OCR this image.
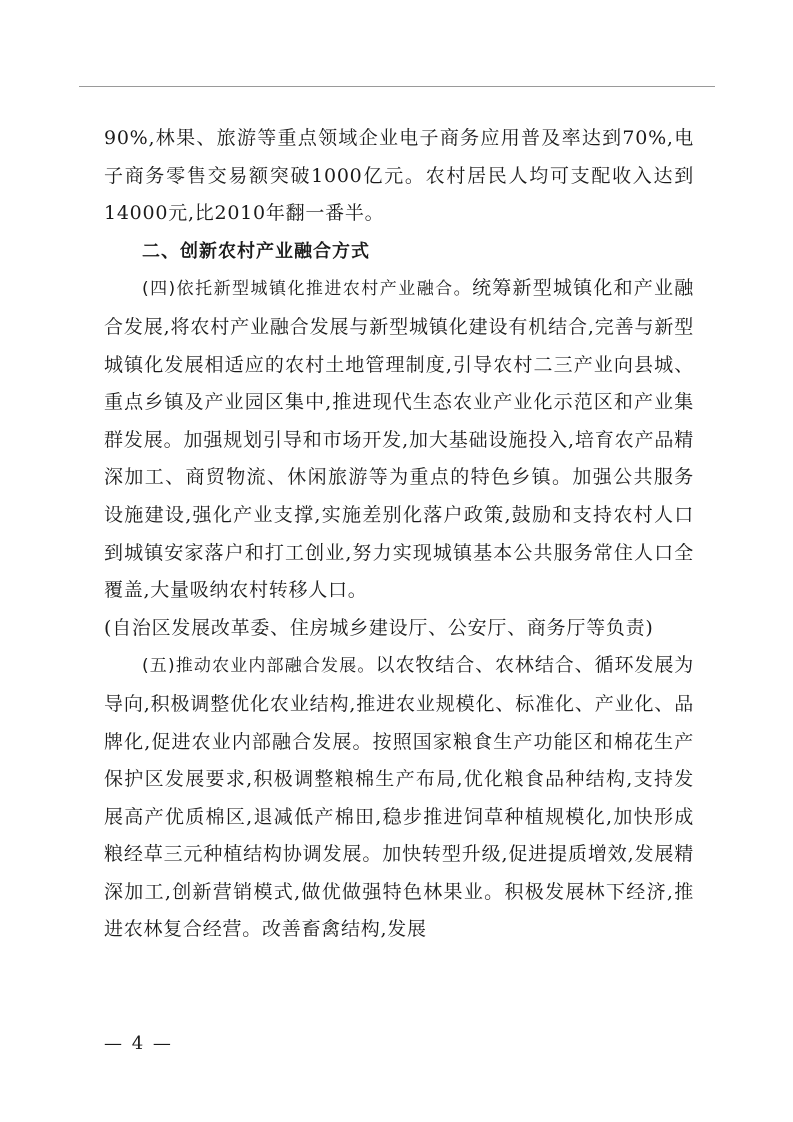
90%,林果、旅游等重点领域企业电子商务应用普及率达到70%,电子商务零售交易额突破1000亿元。农村居民人均可支配收入达到14000元,比2010年翻一番半。

二、创新农村产业融合方式

(四)依托新型城镇化推进农村产业融合。统筹新型城镇化和产业融合发展,将农村产业融合发展与新型城镇化建设有机结合,完善与新型城镇化发展相适应的农村土地管理制度,引导农村二三产业向县城、重点乡镇及产业园区集中,推进现代生态农业产业化示范区和产业集群发展。加强规划引导和市场开发,加大基础设施投入,培育农产品精深加工、商贸物流、休闲旅游等为重点的特色乡镇。加强公共服务设施建设,强化产业支撑,实施差别化落户政策,鼓励和支持农村人口到城镇安家落户和打工创业,努力实现城镇基本公共服务常住人口全覆盖,大量吸纳农村转移人口。

(自治区发展改革委、住房城乡建设厅、公安厅、商务厅等负责)

(五)推动农业内部融合发展。以农牧结合、农林结合、循环发展为导向,积极调整优化农业结构,推进农业规模化、标准化、产业化、品牌化,促进农业内部融合发展。按照国家粮食生产功能区和棉花生产保护区发展要求,积极调整粮棉生产布局,优化粮食品种结构,支持发展高产优质棉区,退减低产棉田,稳步推进饲草种植规模化,加快形成粮经草三元种植结构协调发展。加快转型升级,促进提质增效,发展精深加工,创新营销模式,做优做强特色林果业。积极发展林下经济,推进农林复合经营。改善畜禽结构,发展

— 4 —
